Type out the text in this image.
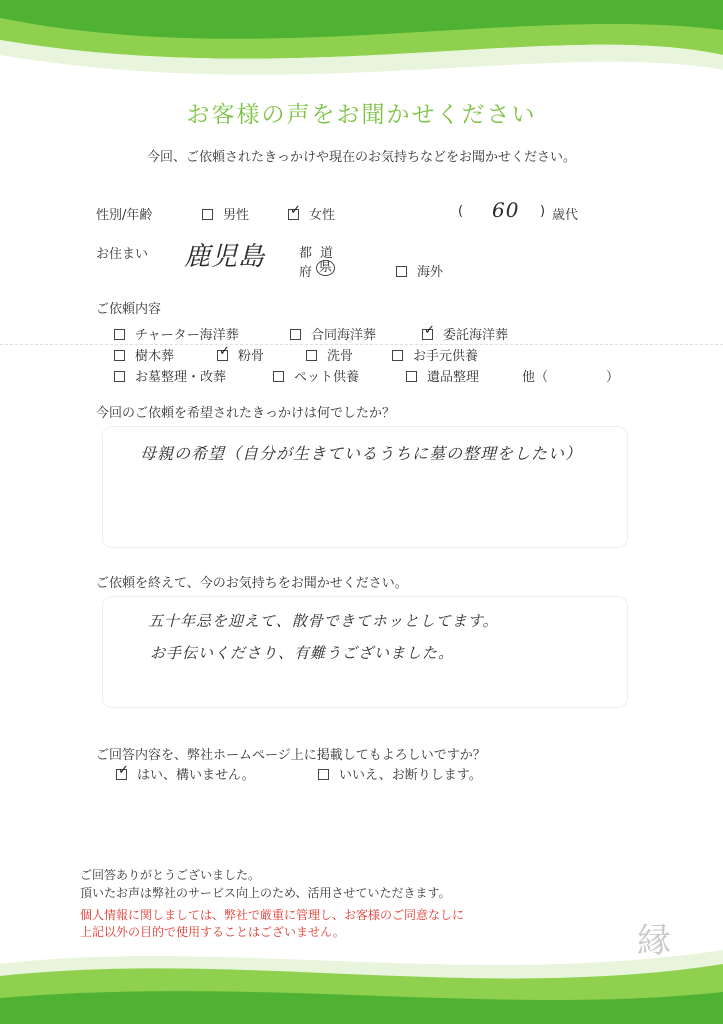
お客様の声をお聞かせください
今回、ご依頼されたきっかけや現在のお気持ちなどをお聞かせください。
性別/年齢	男性	✓ 女性	( 60 ) 歳代
お住まい 鹿児島	都 道
府 県	海外
ご依頼内容
チャーター海洋葬	合同海洋葬	✓ 委託海洋葬
樹木葬	✓ 粉骨	洗骨	お手元供養
お墓整理・改葬	ペット供養	遺品整理	他（	）
今回のご依頼を希望されたきっかけは何でしたか？
母親の希望（自分が生きているうちに墓の整理をしたい）
ご依頼を終えて、今のお気持ちをお聞かせください。
五十年忌を迎えて、散骨できてホッとしてます。
お手伝いくださり、有難うございました。
ご回答内容を、弊社ホームページ上に掲載してもよろしいですか？
✓ はい、構いません。	いいえ、お断りします。
ご回答ありがとうございました。
頂いたお声は弊社のサービス向上のため、活用させていただきます。
個人情報に関しましては、弊社で厳重に管理し、お客様のご同意なしに
上記以外の目的で使用することはございません。	縁
